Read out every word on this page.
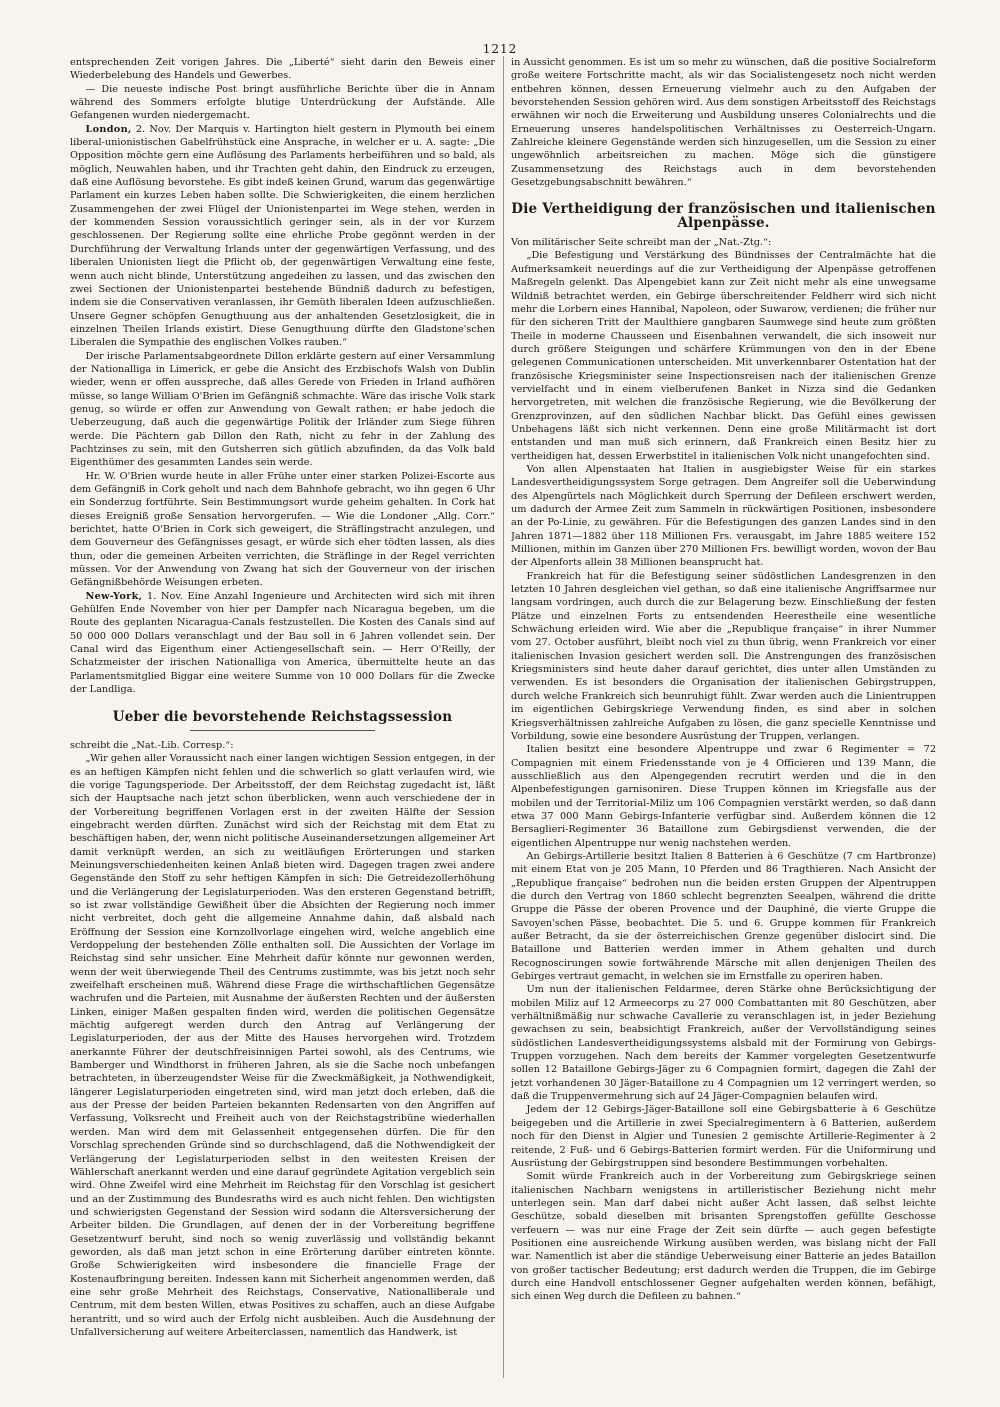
1212

entsprechenden Zeit vorigen Jahres. Die „Liberté“ sieht darin den Beweis einer Wiederbelebung des Handels und Gewerbes.

— Die neueste indische Post bringt ausführliche Berichte über die in Annam während des Sommers erfolgte blutige Unterdrückung der Aufstände. Alle Gefangenen wurden niedergemacht.

London, 2. Nov. Der Marquis v. Hartington hielt gestern in Plymouth bei einem liberal-unionistischen Gabelfrühstück eine Ansprache, in welcher er u. A. sagte: „Die Opposition möchte gern eine Auflösung des Parlaments herbeiführen und so bald, als möglich, Neuwahlen haben, und ihr Trachten geht dahin, den Eindruck zu erzeugen, daß eine Auflösung bevorstehe. Es gibt indeß keinen Grund, warum das gegenwärtige Parlament ein kurzes Leben haben sollte. Die Schwierigkeiten, die einem herzlichen Zusammengehen der zwei Flügel der Unionistenpartei im Wege stehen, werden in der kommenden Session voraussichtlich geringer sein, als in der vor Kurzem geschlossenen. Der Regierung sollte eine ehrliche Probe gegönnt werden in der Durchführung der Verwaltung Irlands unter der gegenwärtigen Verfassung, und des liberalen Unionisten liegt die Pflicht ob, der gegenwärtigen Verwaltung eine feste, wenn auch nicht blinde, Unterstützung angedeihen zu lassen, und das zwischen den zwei Sectionen der Unionistenpartei bestehende Bündniß dadurch zu befestigen, indem sie die Conservativen veranlassen, ihr Gemüth liberalen Ideen aufzuschließen. Unsere Gegner schöpfen Genugthuung aus der anhaltenden Gesetzlosigkeit, die in einzelnen Theilen Irlands existirt. Diese Genugthuung dürfte den Gladstone'schen Liberalen die Sympathie des englischen Volkes rauben.“

Der irische Parlamentsabgeordnete Dillon erklärte gestern auf einer Versammlung der Nationalliga in Limerick, er gebe die Ansicht des Erzbischofs Walsh von Dublin wieder, wenn er offen ausspreche, daß alles Gerede von Frieden in Irland aufhören müsse, so lange William O'Brien im Gefängniß schmachte. Wäre das irische Volk stark genug, so würde er offen zur Anwendung von Gewalt rathen; er habe jedoch die Ueberzeugung, daß auch die gegenwärtige Politik der Irländer zum Siege führen werde. Die Pächtern gab Dillon den Rath, nicht zu fehr in der Zahlung des Pachtzinses zu sein, mit den Gutsherren sich gütlich abzufinden, da das Volk bald Eigenthümer des gesammten Landes sein werde.

Hr. W. O'Brien wurde heute in aller Frühe unter einer starken Polizei-Escorte aus dem Gefängniß in Cork geholt und nach dem Bahnhofe gebracht, wo ihn gegen 6 Uhr ein Sonderzug fortführte. Sein Bestimmungsort wurde geheim gehalten. In Cork hat dieses Ereigniß große Sensation hervorgerufen. — Wie die Londoner „Allg. Corr.“ berichtet, hatte O'Brien in Cork sich geweigert, die Sträflingstracht anzulegen, und dem Gouverneur des Gefängnisses gesagt, er würde sich eher tödten lassen, als dies thun, oder die gemeinen Arbeiten verrichten, die Sträflinge in der Regel verrichten müssen. Vor der Anwendung von Zwang hat sich der Gouverneur von der irischen Gefängnißbehörde Weisungen erbeten.

New-York, 1. Nov. Eine Anzahl Ingenieure und Architecten wird sich mit ihren Gehülfen Ende November von hier per Dampfer nach Nicaragua begeben, um die Route des geplanten Nicaragua-Canals festzustellen. Die Kosten des Canals sind auf 50 000 000 Dollars veranschlagt und der Bau soll in 6 Jahren vollendet sein. Der Canal wird das Eigenthum einer Actiengesellschaft sein. — Herr O'Reilly, der Schatzmeister der irischen Nationalliga von America, übermittelte heute an das Parlamentsmitglied Biggar eine weitere Summe von 10 000 Dollars für die Zwecke der Landliga.

Ueber die bevorstehende Reichstagssession

schreibt die „Nat.-Lib. Corresp.“:

„Wir gehen aller Voraussicht nach einer langen wichtigen Session entgegen, in der es an heftigen Kämpfen nicht fehlen und die schwerlich so glatt verlaufen wird, wie die vorige Tagungsperiode. Der Arbeitsstoff, der dem Reichstag zugedacht ist, läßt sich der Hauptsache nach jetzt schon überblicken, wenn auch verschiedene der in der Vorbereitung begriffenen Vorlagen erst in der zweiten Hälfte der Session eingebracht werden dürften. Zunächst wird sich der Reichstag mit dem Etat zu beschäftigen haben, der, wenn nicht politische Auseinandersetzungen allgemeiner Art damit verknüpft werden, an sich zu weitläufigen Erörterungen und starken Meinungsverschiedenheiten keinen Anlaß bieten wird. Dagegen tragen zwei andere Gegenstände den Stoff zu sehr heftigen Kämpfen in sich: Die Getreidezollerhöhung und die Verlängerung der Legislaturperioden. Was den ersteren Gegenstand betrifft, so ist zwar vollständige Gewißheit über die Absichten der Regierung noch immer nicht verbreitet, doch geht die allgemeine Annahme dahin, daß alsbald nach Eröffnung der Session eine Kornzollvorlage eingehen wird, welche angeblich eine Verdoppelung der bestehenden Zölle enthalten soll. Die Aussichten der Vorlage im Reichstag sind sehr unsicher. Eine Mehrheit dafür könnte nur gewonnen werden, wenn der weit überwiegende Theil des Centrums zustimmte, was bis jetzt noch sehr zweifelhaft erscheinen muß. Während diese Frage die wirthschaftlichen Gegensätze wachrufen und die Parteien, mit Ausnahme der äußersten Rechten und der äußersten Linken, einiger Maßen gespalten finden wird, werden die politischen Gegensätze mächtig aufgeregt werden durch den Antrag auf Verlängerung der Legislaturperioden, der aus der Mitte des Hauses hervorgehen wird. Trotzdem anerkannte Führer der deutschfreisinnigen Partei sowohl, als des Centrums, wie Bamberger und Windthorst in früheren Jahren, als sie die Sache noch unbefangen betrachteten, in überzeugendster Weise für die Zweckmäßigkeit, ja Nothwendigkeit, längerer Legislaturperioden eingetreten sind, wird man jetzt doch erleben, daß die aus der Presse der beiden Parteien bekannten Redensarten von den Angriffen auf Verfassung, Volksrecht und Freiheit auch von der Reichstagstribüne wiederhallen werden. Man wird dem mit Gelassenheit entgegensehen dürfen. Die für den Vorschlag sprechenden Gründe sind so durchschlagend, daß die Nothwendigkeit der Verlängerung der Legislaturperioden selbst in den weitesten Kreisen der Wählerschaft anerkannt werden und eine darauf gegründete Agitation vergeblich sein wird. Ohne Zweifel wird eine Mehrheit im Reichstag für den Vorschlag ist gesichert und an der Zustimmung des Bundesraths wird es auch nicht fehlen. Den wichtigsten und schwierigsten Gegenstand der Session wird sodann die Altersversicherung der Arbeiter bilden. Die Grundlagen, auf denen der in der Vorbereitung begriffene Gesetzentwurf beruht, sind noch so wenig zuverlässig und vollständig bekannt geworden, als daß man jetzt schon in eine Erörterung darüber eintreten könnte. Große Schwierigkeiten wird insbesondere die financielle Frage der Kostenaufbringung bereiten. Indessen kann mit Sicherheit angenommen werden, daß eine sehr große Mehrheit des Reichstags, Conservative, Nationalliberale und Centrum, mit dem besten Willen, etwas Positives zu schaffen, auch an diese Aufgabe herantritt, und so wird auch der Erfolg nicht ausbleiben. Auch die Ausdehnung der Unfallversicherung auf weitere Arbeiterclassen, namentlich das Handwerk, ist

in Aussicht genommen. Es ist um so mehr zu wünschen, daß die positive Socialreform große weitere Fortschritte macht, als wir das Socialistengesetz noch nicht werden entbehren können, dessen Erneuerung vielmehr auch zu den Aufgaben der bevorstehenden Session gehören wird. Aus dem sonstigen Arbeitsstoff des Reichstags erwähnen wir noch die Erweiterung und Ausbildung unseres Colonialrechts und die Erneuerung unseres handelspolitischen Verhältnisses zu Oesterreich-Ungarn. Zahlreiche kleinere Gegenstände werden sich hinzugesellen, um die Session zu einer ungewöhnlich arbeitsreichen zu machen. Möge sich die günstigere Zusammensetzung des Reichstags auch in dem bevorstehenden Gesetzgebungsabschnitt bewähren.“

Die Vertheidigung der französischen und italienischen Alpenpässe.

Von militärischer Seite schreibt man der „Nat.-Ztg.“:

„Die Befestigung und Verstärkung des Bündnisses der Centralmächte hat die Aufmerksamkeit neuerdings auf die zur Vertheidigung der Alpenpässe getroffenen Maßregeln gelenkt. Das Alpengebiet kann zur Zeit nicht mehr als eine unwegsame Wildniß betrachtet werden, ein Gebirge überschreitender Feldherr wird sich nicht mehr die Lorbern eines Hannibal, Napoleon, oder Suwarow, verdienen; die früher nur für den sicheren Tritt der Maulthiere gangbaren Saumwege sind heute zum größten Theile in moderne Chausseen und Eisenbahnen verwandelt, die sich insoweit nur durch größere Steigungen und schärfere Krümmungen von den in der Ebene gelegenen Communicationen unterscheiden. Mit unverkennbarer Ostentation hat der französische Kriegsminister seine Inspectionsreisen nach der italienischen Grenze vervielfacht und in einem vielberufenen Banket in Nizza sind die Gedanken hervorgetreten, mit welchen die französische Regierung, wie die Bevölkerung der Grenzprovinzen, auf den südlichen Nachbar blickt. Das Gefühl eines gewissen Unbehagens läßt sich nicht verkennen. Denn eine große Militärmacht ist dort entstanden und man muß sich erinnern, daß Frankreich einen Besitz hier zu vertheidigen hat, dessen Erwerbstitel in italienischen Volk nicht unangefochten sind.

Von allen Alpenstaaten hat Italien in ausgiebigster Weise für ein starkes Landesvertheidigungssystem Sorge getragen. Dem Angreifer soll die Ueberwindung des Alpengürtels nach Möglichkeit durch Sperrung der Defileen erschwert werden, um dadurch der Armee Zeit zum Sammeln in rückwärtigen Positionen, insbesondere an der Po-Linie, zu gewähren. Für die Befestigungen des ganzen Landes sind in den Jahren 1871—1882 über 118 Millionen Frs. verausgabt, im Jahre 1885 weitere 152 Millionen, mithin im Ganzen über 270 Millionen Frs. bewilligt worden, wovon der Bau der Alpenforts allein 38 Millionen beansprucht hat.

Frankreich hat für die Befestigung seiner südöstlichen Landesgrenzen in den letzten 10 Jahren desgleichen viel gethan, so daß eine italienische Angriffsarmee nur langsam vordringen, auch durch die zur Belagerung bezw. Einschließung der festen Plätze und einzelnen Forts zu entsendenden Heerestheile eine wesentliche Schwächung erleiden wird. Wie aber die „Republique française“ in ihrer Nummer vom 27. October ausführt, bleibt noch viel zu thun übrig, wenn Frankreich vor einer italienischen Invasion gesichert werden soll. Die Anstrengungen des französischen Kriegsministers sind heute daher darauf gerichtet, dies unter allen Umständen zu verwenden. Es ist besonders die Organisation der italienischen Gebirgstruppen, durch welche Frankreich sich beunruhigt fühlt. Zwar werden auch die Linientruppen im eigentlichen Gebirgskriege Verwendung finden, es sind aber in solchen Kriegsverhältnissen zahlreiche Aufgaben zu lösen, die ganz specielle Kenntnisse und Vorbildung, sowie eine besondere Ausrüstung der Truppen, verlangen.

Italien besitzt eine besondere Alpentruppe und zwar 6 Regimenter = 72 Compagnien mit einem Friedensstande von je 4 Officieren und 139 Mann, die ausschließlich aus den Alpengegenden recrutirt werden und die in den Alpenbefestigungen garnisoniren. Diese Truppen können im Kriegsfalle aus der mobilen und der Territorial-Miliz um 106 Compagnien verstärkt werden, so daß dann etwa 37 000 Mann Gebirgs-Infanterie verfügbar sind. Außerdem können die 12 Bersaglieri-Regimenter 36 Bataillone zum Gebirgsdienst verwenden, die der eigentlichen Alpentruppe nur wenig nachstehen werden.

An Gebirgs-Artillerie besitzt Italien 8 Batterien à 6 Geschütze (7 cm Hartbronze) mit einem Etat von je 205 Mann, 10 Pferden und 86 Tragthieren. Nach Ansicht der „Republique française“ bedrohen nun die beiden ersten Gruppen der Alpentruppen die durch den Vertrag von 1860 schlecht begrenzten Seealpen, während die dritte Gruppe die Pässe der oberen Provence und der Dauphiné, die vierte Gruppe die Savoyen'schen Pässe, beobachtet. Die 5. und 6. Gruppe kommen für Frankreich außer Betracht, da sie der österreichischen Grenze gegenüber dislocirt sind. Die Bataillone und Batterien werden immer in Athem gehalten und durch Recognoscirungen sowie fortwährende Märsche mit allen denjenigen Theilen des Gebirges vertraut gemacht, in welchen sie im Ernstfalle zu operiren haben.

Um nun der italienischen Feldarmee, deren Stärke ohne Berücksichtigung der mobilen Miliz auf 12 Armeecorps zu 27 000 Combattanten mit 80 Geschützen, aber verhältnißmäßig nur schwache Cavallerie zu veranschlagen ist, in jeder Beziehung gewachsen zu sein, beabsichtigt Frankreich, außer der Vervollständigung seines südöstlichen Landesvertheidigungssystems alsbald mit der Formirung von Gebirgs-Truppen vorzugehen. Nach dem bereits der Kammer vorgelegten Gesetzentwurfe sollen 12 Bataillone Gebirgs-Jäger zu 6 Compagnien formirt, dagegen die Zahl der jetzt vorhandenen 30 Jäger-Bataillone zu 4 Compagnien um 12 verringert werden, so daß die Truppenvermehrung sich auf 24 Jäger-Compagnien belaufen wird.

Jedem der 12 Gebirgs-Jäger-Bataillone soll eine Gebirgsbatterie à 6 Geschütze beigegeben und die Artillerie in zwei Specialregimentern à 6 Batterien, außerdem noch für den Dienst in Algier und Tunesien 2 gemischte Artillerie-Regimenter à 2 reitende, 2 Fuß- und 6 Gebirgs-Batterien formirt werden. Für die Uniformirung und Ausrüstung der Gebirgstruppen sind besondere Bestimmungen vorbehalten.

Somit würde Frankreich auch in der Vorbereitung zum Gebirgskriege seinen italienischen Nachbarn wenigstens in artilleristischer Beziehung nicht mehr unterlegen sein. Man darf dabei nicht außer Acht lassen, daß selbst leichte Geschütze, sobald dieselben mit brisanten Sprengstoffen gefüllte Geschosse verfeuern — was nur eine Frage der Zeit sein dürfte — auch gegen befestigte Positionen eine ausreichende Wirkung ausüben werden, was bislang nicht der Fall war. Namentlich ist aber die ständige Ueberweisung einer Batterie an jedes Bataillon von großer tactischer Bedeutung; erst dadurch werden die Truppen, die im Gebirge durch eine Handvoll entschlossener Gegner aufgehalten werden können, befähigt, sich einen Weg durch die Defileen zu bahnen.“
